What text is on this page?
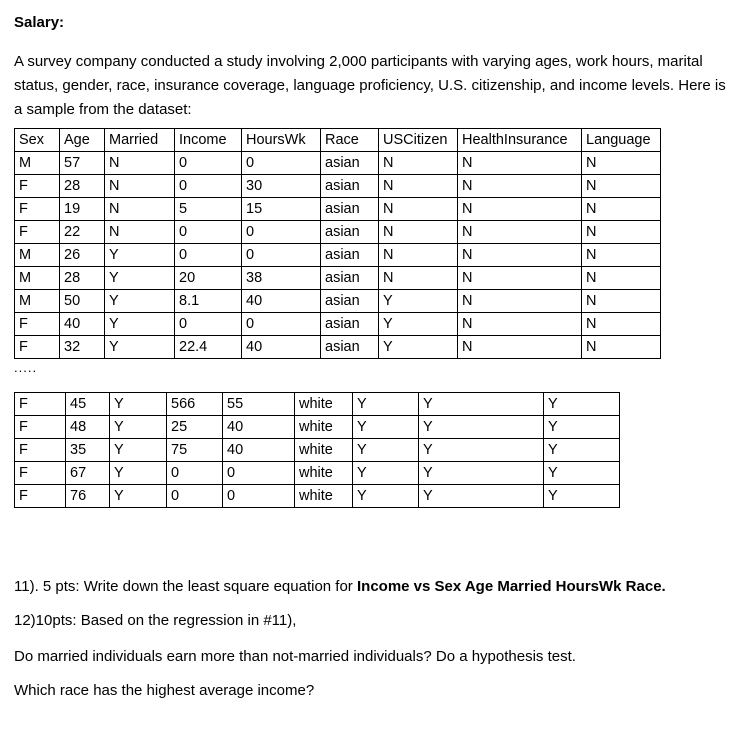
Salary:
A survey company conducted a study involving 2,000 participants with varying ages, work hours, marital status, gender, race, insurance coverage, language proficiency, U.S. citizenship, and income levels. Here is a sample from the dataset:
Sex	Age	Married	Income	HoursWk	Race	USCitizen	HealthInsurance	Language
M	57	N	0	0	asian	N	N	N
F	28	N	0	30	asian	N	N	N
F	19	N	5	15	asian	N	N	N
F	22	N	0	0	asian	N	N	N
M	26	Y	0	0	asian	N	N	N
M	28	Y	20	38	asian	N	N	N
M	50	Y	8.1	40	asian	Y	N	N
F	40	Y	0	0	asian	Y	N	N
F	32	Y	22.4	40	asian	Y	N	N
.....
F	45	Y	566	55	white	Y	Y	Y
F	48	Y	25	40	white	Y	Y	Y
F	35	Y	75	40	white	Y	Y	Y
F	67	Y	0	0	white	Y	Y	Y
F	76	Y	0	0	white	Y	Y	Y
11). 5 pts: Write down the least square equation for Income vs Sex Age Married HoursWk Race.
12)10pts: Based on the regression in #11),
Do married individuals earn more than not-married individuals? Do a hypothesis test.
Which race has the highest average income?
